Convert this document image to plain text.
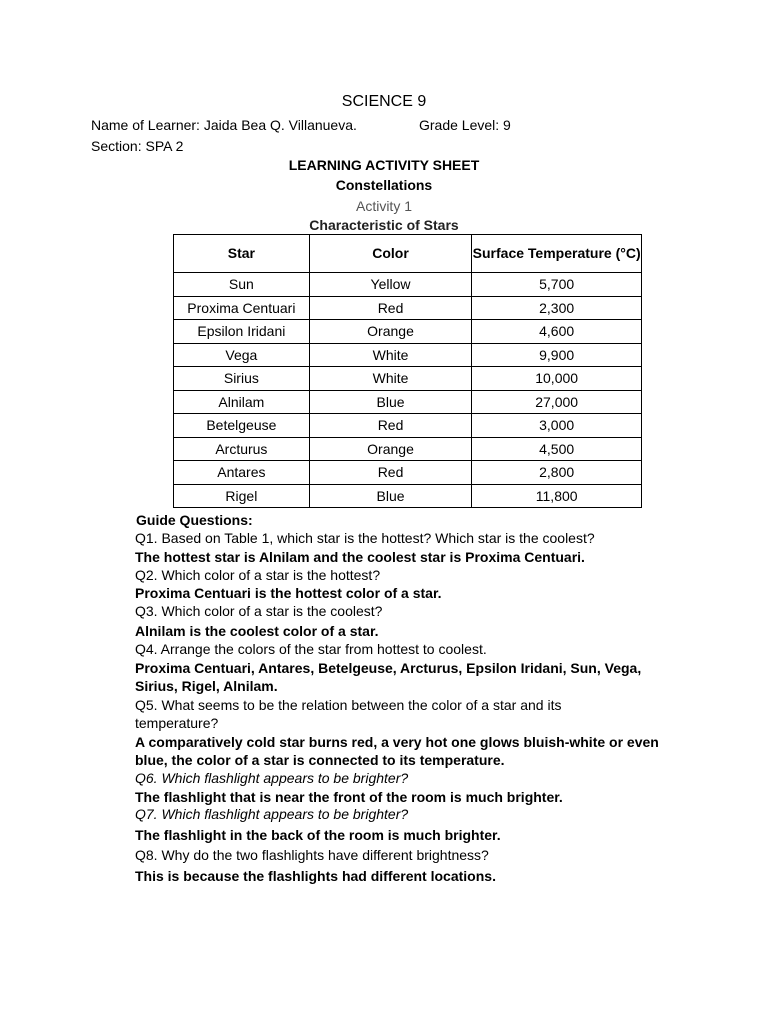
SCIENCE 9
Name of Learner: Jaida Bea Q. Villanueva.	Grade Level: 9
Section: SPA 2
LEARNING ACTIVITY SHEET
Constellations
Activity 1
Characteristic of Stars
Star	Color	Surface Temperature (°C)
Sun	Yellow	5,700
Proxima Centuari	Red	2,300
Epsilon Iridani	Orange	4,600
Vega	White	9,900
Sirius	White	10,000
Alnilam	Blue	27,000
Betelgeuse	Red	3,000
Arcturus	Orange	4,500
Antares	Red	2,800
Rigel	Blue	11,800
Guide Questions:
Q1. Based on Table 1, which star is the hottest? Which star is the coolest?
The hottest star is Alnilam and the coolest star is Proxima Centuari.
Q2. Which color of a star is the hottest?
Proxima Centuari is the hottest color of a star.
Q3. Which color of a star is the coolest?
Alnilam is the coolest color of a star.
Q4. Arrange the colors of the star from hottest to coolest.
Proxima Centuari, Antares, Betelgeuse, Arcturus, Epsilon Iridani, Sun, Vega, Sirius, Rigel, Alnilam.
Q5. What seems to be the relation between the color of a star and its temperature?
A comparatively cold star burns red, a very hot one glows bluish-white or even blue, the color of a star is connected to its temperature.
Q6. Which flashlight appears to be brighter?
The flashlight that is near the front of the room is much brighter.
Q7. Which flashlight appears to be brighter?
The flashlight in the back of the room is much brighter.
Q8. Why do the two flashlights have different brightness?
This is because the flashlights had different locations.
